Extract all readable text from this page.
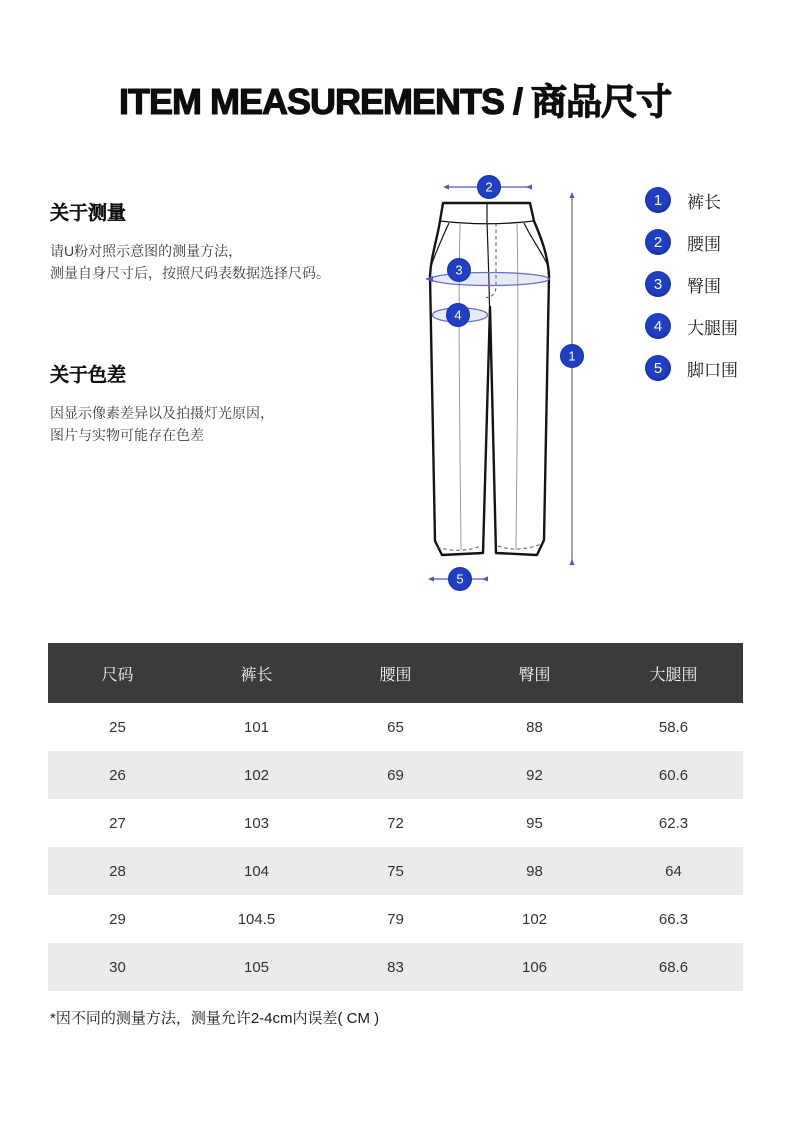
ITEM MEASUREMENTS / 商品尺寸
关于测量
请U粉对照示意图的测量方法，
测量自身尺寸后，按照尺码表数据选择尺码。
关于色差
因显示像素差异以及拍摄灯光原因，
图片与实物可能存在色差
2
3
4
1
5
1	裤长
2	腰围
3	臀围
4	大腿围
5	脚口围
尺码	裤长	腰围	臀围	大腿围
25	101	65	88	58.6
26	102	69	92	60.6
27	103	72	95	62.3
28	104	75	98	64
29	104.5	79	102	66.3
30	105	83	106	68.6
*因不同的测量方法，测量允许2-4cm内误差( CM )
